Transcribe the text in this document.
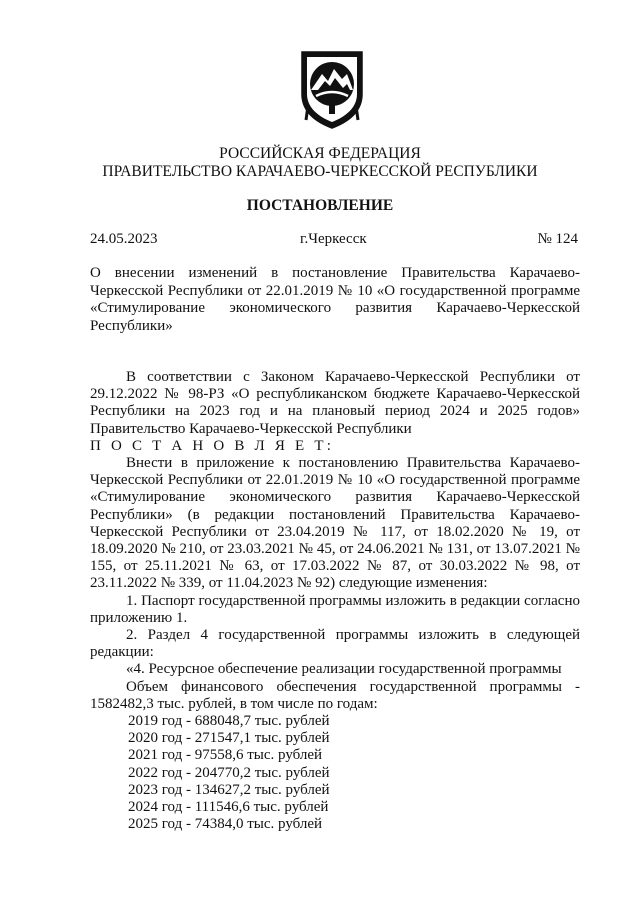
РОССИЙСКАЯ ФЕДЕРАЦИЯ
ПРАВИТЕЛЬСТВО КАРАЧАЕВО-ЧЕРКЕССКОЙ РЕСПУБЛИКИ
ПОСТАНОВЛЕНИЕ
24.05.2023	г.Черкесск	№ 124
О внесении изменений в постановление Правительства Карачаево-Черкесской Республики от 22.01.2019 № 10 «О государственной программе «Стимулирование экономического развития Карачаево-Черкесской Республики»

В соответствии с Законом Карачаево-Черкесской Республики от 29.12.2022 № 98-РЗ «О республиканском бюджете Карачаево-Черкесской Республики на 2023 год и на плановый период 2024 и 2025 годов» Правительство Карачаево-Черкесской Республики

П О С Т А Н О В Л Я Е Т:

Внести в приложение к постановлению Правительства Карачаево-Черкесской Республики от 22.01.2019 № 10 «О государственной программе «Стимулирование экономического развития Карачаево-Черкесской Республики» (в редакции постановлений Правительства Карачаево-Черкесской Республики от 23.04.2019 № 117, от 18.02.2020 № 19, от 18.09.2020 № 210, от 23.03.2021 № 45, от 24.06.2021 № 131, от 13.07.2021 № 155, от 25.11.2021 № 63, от 17.03.2022 № 87, от 30.03.2022 № 98, от 23.11.2022 № 339, от 11.04.2023 № 92) следующие изменения:

1. Паспорт государственной программы изложить в редакции согласно приложению 1.

2. Раздел 4 государственной программы изложить в следующей редакции:

«4. Ресурсное обеспечение реализации государственной программы

Объем финансового обеспечения государственной программы - 1582482,3 тыс. рублей, в том числе по годам:

2019 год - 688048,7 тыс. рублей

2020 год - 271547,1 тыс. рублей

2021 год - 97558,6 тыс. рублей

2022 год - 204770,2 тыс. рублей

2023 год - 134627,2 тыс. рублей

2024 год - 111546,6 тыс. рублей

2025 год - 74384,0 тыс. рублей
